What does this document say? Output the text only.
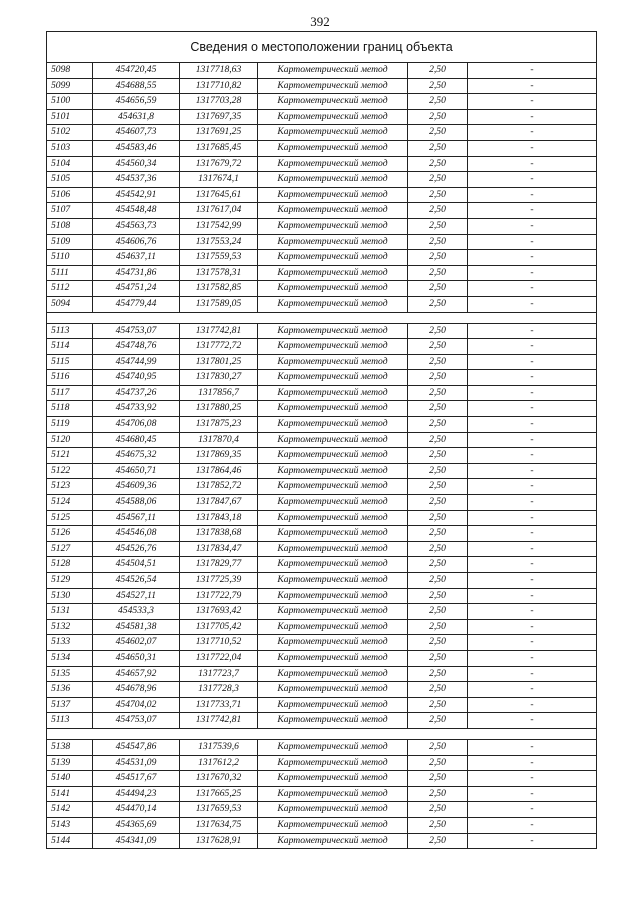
392
Сведения о местоположении границ объекта					
5098	454720,45	1317718,63	Картометрический метод	2,50	-
5099	454688,55	1317710,82	Картометрический метод	2,50	-
5100	454656,59	1317703,28	Картометрический метод	2,50	-
5101	454631,8	1317697,35	Картометрический метод	2,50	-
5102	454607,73	1317691,25	Картометрический метод	2,50	-
5103	454583,46	1317685,45	Картометрический метод	2,50	-
5104	454560,34	1317679,72	Картометрический метод	2,50	-
5105	454537,36	1317674,1	Картометрический метод	2,50	-
5106	454542,91	1317645,61	Картометрический метод	2,50	-
5107	454548,48	1317617,04	Картометрический метод	2,50	-
5108	454563,73	1317542,99	Картометрический метод	2,50	-
5109	454606,76	1317553,24	Картометрический метод	2,50	-
5110	454637,11	1317559,53	Картометрический метод	2,50	-
5111	454731,86	1317578,31	Картометрический метод	2,50	-
5112	454751,24	1317582,85	Картометрический метод	2,50	-
5094	454779,44	1317589,05	Картометрический метод	2,50	-

5113	454753,07	1317742,81	Картометрический метод	2,50	-
5114	454748,76	1317772,72	Картометрический метод	2,50	-
5115	454744,99	1317801,25	Картометрический метод	2,50	-
5116	454740,95	1317830,27	Картометрический метод	2,50	-
5117	454737,26	1317856,7	Картометрический метод	2,50	-
5118	454733,92	1317880,25	Картометрический метод	2,50	-
5119	454706,08	1317875,23	Картометрический метод	2,50	-
5120	454680,45	1317870,4	Картометрический метод	2,50	-
5121	454675,32	1317869,35	Картометрический метод	2,50	-
5122	454650,71	1317864,46	Картометрический метод	2,50	-
5123	454609,36	1317852,72	Картометрический метод	2,50	-
5124	454588,06	1317847,67	Картометрический метод	2,50	-
5125	454567,11	1317843,18	Картометрический метод	2,50	-
5126	454546,08	1317838,68	Картометрический метод	2,50	-
5127	454526,76	1317834,47	Картометрический метод	2,50	-
5128	454504,51	1317829,77	Картометрический метод	2,50	-
5129	454526,54	1317725,39	Картометрический метод	2,50	-
5130	454527,11	1317722,79	Картометрический метод	2,50	-
5131	454533,3	1317693,42	Картометрический метод	2,50	-
5132	454581,38	1317705,42	Картометрический метод	2,50	-
5133	454602,07	1317710,52	Картометрический метод	2,50	-
5134	454650,31	1317722,04	Картометрический метод	2,50	-
5135	454657,92	1317723,7	Картометрический метод	2,50	-
5136	454678,96	1317728,3	Картометрический метод	2,50	-
5137	454704,02	1317733,71	Картометрический метод	2,50	-
5113	454753,07	1317742,81	Картометрический метод	2,50	-

5138	454547,86	1317539,6	Картометрический метод	2,50	-
5139	454531,09	1317612,2	Картометрический метод	2,50	-
5140	454517,67	1317670,32	Картометрический метод	2,50	-
5141	454494,23	1317665,25	Картометрический метод	2,50	-
5142	454470,14	1317659,53	Картометрический метод	2,50	-
5143	454365,69	1317634,75	Картометрический метод	2,50	-
5144	454341,09	1317628,91	Картометрический метод	2,50	-
